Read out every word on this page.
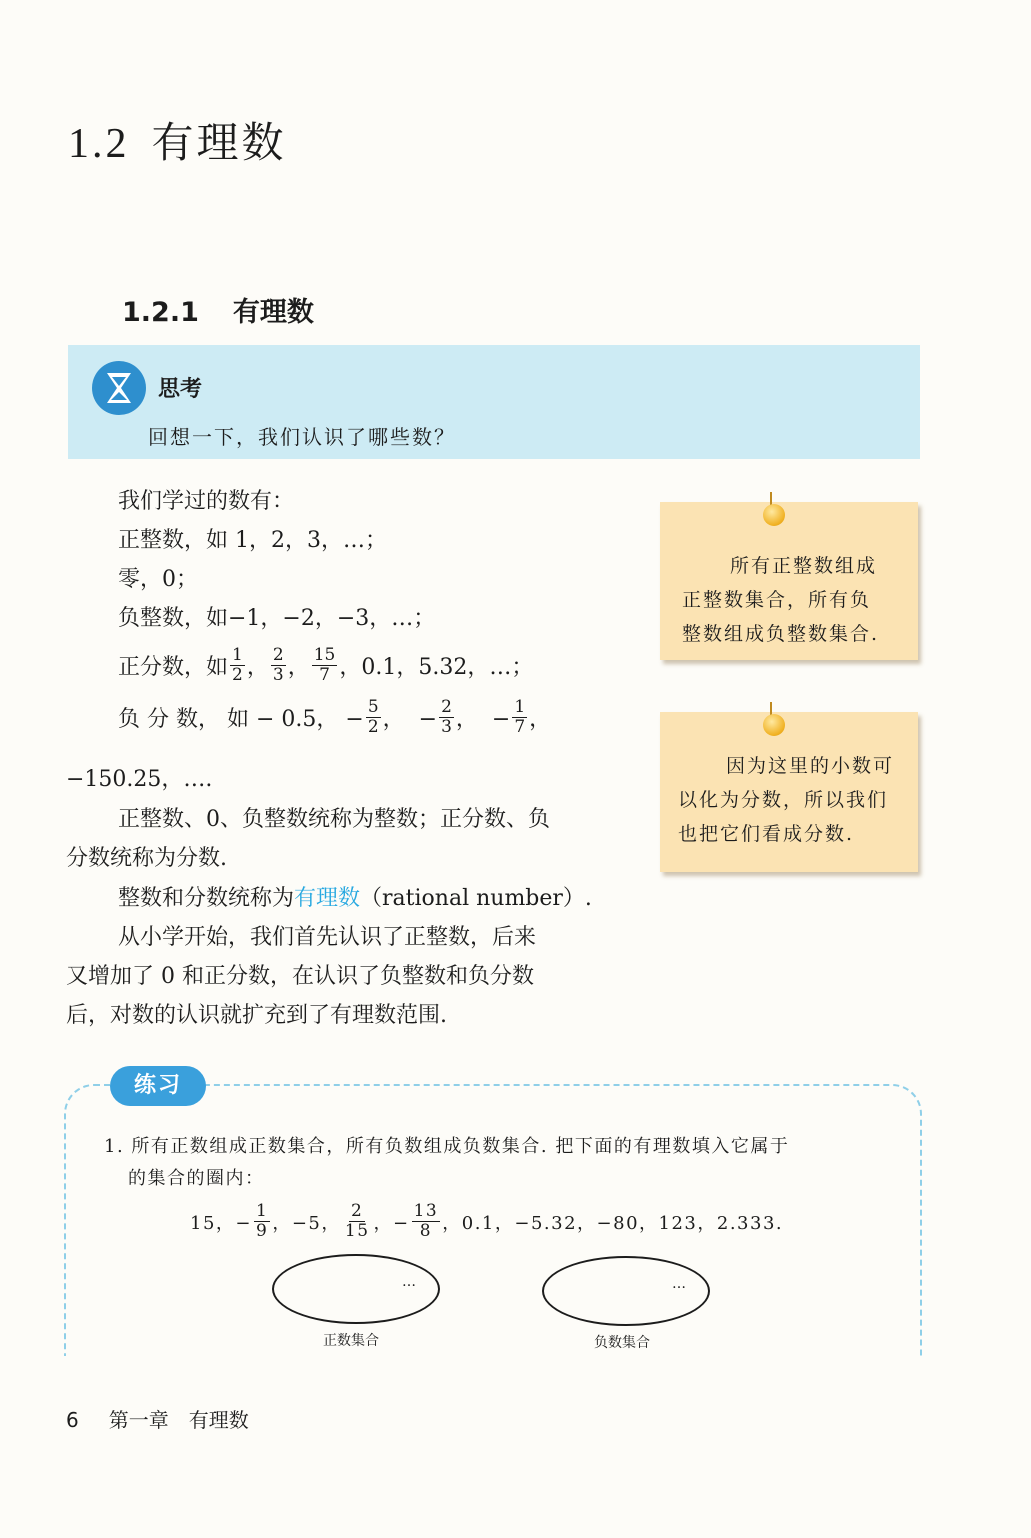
1.2 有理数
1.2.1 有理数
思考
回想一下，我们认识了哪些数？
我们学过的数有：
正整数，如 1，2，3，…；
零，0；
负整数，如−1，−2，−3，…；
正分数，如 $\frac{1}{2}$ ， $\frac{2}{3}$ ， $\frac{15}{7}$ ，0.1，5.32，…；
负 分 数， 如 − 0.5， − $\frac{5}{2}$ ，  − $\frac{2}{3}$ ，  − $\frac{1}{7}$ ，
−150.25，….
正整数、0、负整数统称为整数；正分数、负
分数统称为分数.
整数和分数统称为有理数（rational number）.
从小学开始，我们首先认识了正整数，后来
又增加了 0 和正分数，在认识了负整数和负分数
后，对数的认识就扩充到了有理数范围.
所有正整数组成
正整数集合，所有负
整数组成负整数集合.
因为这里的小数可
以化为分数，所以我们
也把它们看成分数.
练习
1. 所有正数组成正数集合，所有负数组成负数集合. 把下面的有理数填入它属于
的集合的圈内：
15，− $\frac{1}{9}$ ，−5， $\frac{2}{15}$ ，− $\frac{13}{8}$ ，0.1，−5.32，−80，123，2.333.
…
正数集合
…
负数集合
6 第一章　有理数
